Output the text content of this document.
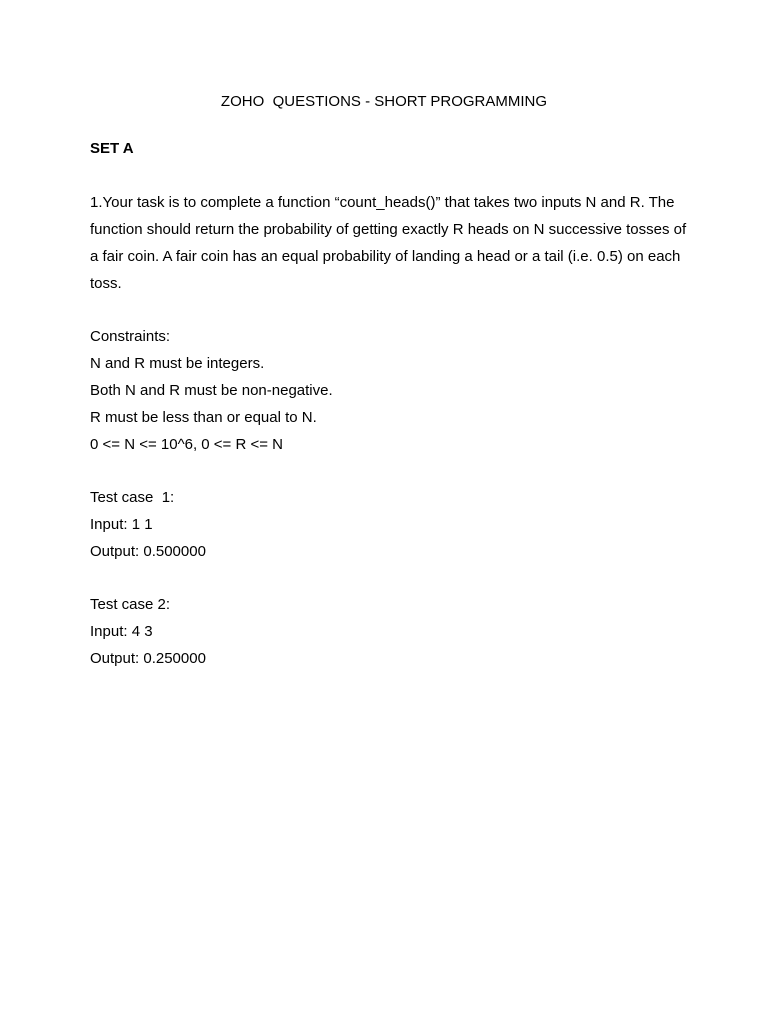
ZOHO  QUESTIONS - SHORT PROGRAMMING
SET A

1.Your task is to complete a function “count_heads()” that takes two inputs N and R. The function should return the probability of getting exactly R heads on N successive tosses of a fair coin. A fair coin has an equal probability of landing a head or a tail (i.e. 0.5) on each toss.

Constraints:
N and R must be integers.
Both N and R must be non-negative.
R must be less than or equal to N.
0 <= N <= 10^6, 0 <= R <= N
Test case  1:
Input: 1 1
Output: 0.500000
Test case 2:
Input: 4 3
Output: 0.250000
